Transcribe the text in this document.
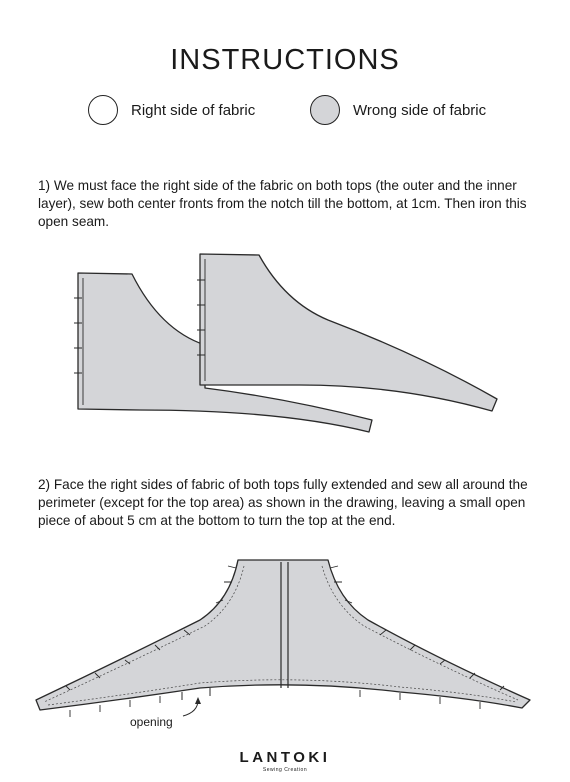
INSTRUCTIONS
Right side of fabric	Wrong side of fabric
1) We must face the right side of the fabric on both tops (the outer and the inner layer), sew both center fronts from the notch till the bottom, at 1cm. Then iron this open seam.
2) Face the right sides of fabric of both tops fully extended and sew all around the perimeter (except for the top area) as shown in the drawing, leaving a small open piece of about 5 cm at the bottom to turn the top at the end.
opening
LANTOKI
Sewing Creation
